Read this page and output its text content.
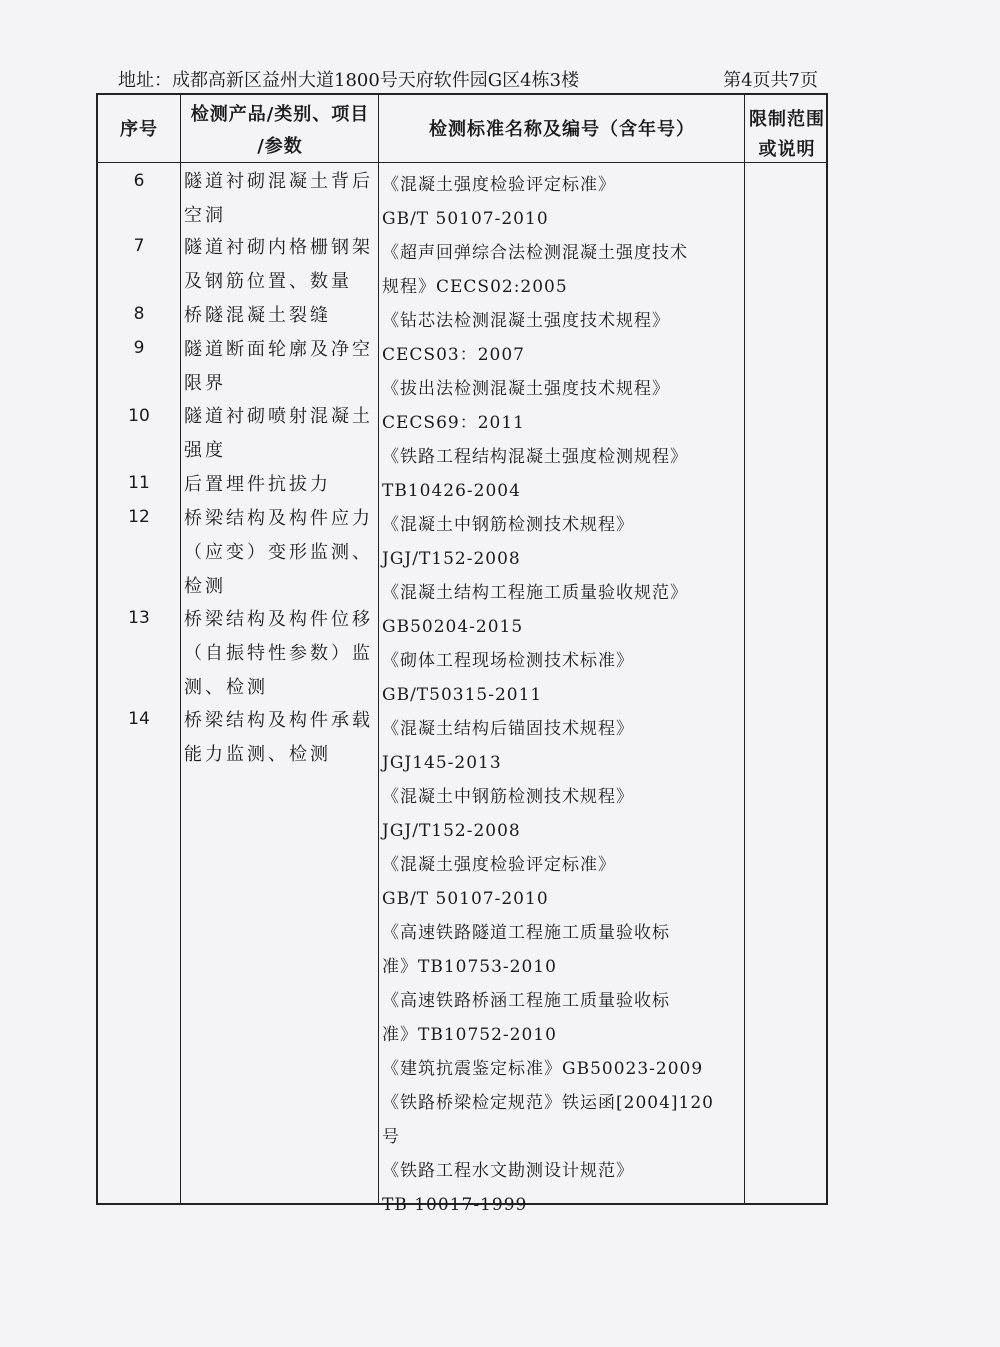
地址：成都高新区益州大道1800号天府软件园G区4栋3楼	第4页共7页
序号
检测产品/类别、项目
/参数
检测标准名称及编号（含年号）	限制范围
或说明
6
7
8
9
10
11
12
13
14
隧道衬砌混凝土背后
空洞
隧道衬砌内格栅钢架
及钢筋位置、数量
桥隧混凝土裂缝
隧道断面轮廓及净空
限界
隧道衬砌喷射混凝土
强度
后置埋件抗拔力
桥梁结构及构件应力
（应变）变形监测、
检测
桥梁结构及构件位移
（自振特性参数）监
测、检测
桥梁结构及构件承载
能力监测、检测
《混凝土强度检验评定标准》
GB/T 50107-2010
《超声回弹综合法检测混凝土强度技术
规程》CECS02:2005
《钻芯法检测混凝土强度技术规程》
CECS03：2007
《拔出法检测混凝土强度技术规程》
CECS69：2011
《铁路工程结构混凝土强度检测规程》
TB10426-2004
《混凝土中钢筋检测技术规程》
JGJ/T152-2008
《混凝土结构工程施工质量验收规范》
GB50204-2015
《砌体工程现场检测技术标准》
GB/T50315-2011
《混凝土结构后锚固技术规程》
JGJ145-2013
《混凝土中钢筋检测技术规程》
JGJ/T152-2008
《混凝土强度检验评定标准》
GB/T 50107-2010
《高速铁路隧道工程施工质量验收标
准》TB10753-2010
《高速铁路桥涵工程施工质量验收标
准》TB10752-2010
《建筑抗震鉴定标准》GB50023-2009
《铁路桥梁检定规范》铁运函[2004]120
号
《铁路工程水文勘测设计规范》
TB 10017-1999
